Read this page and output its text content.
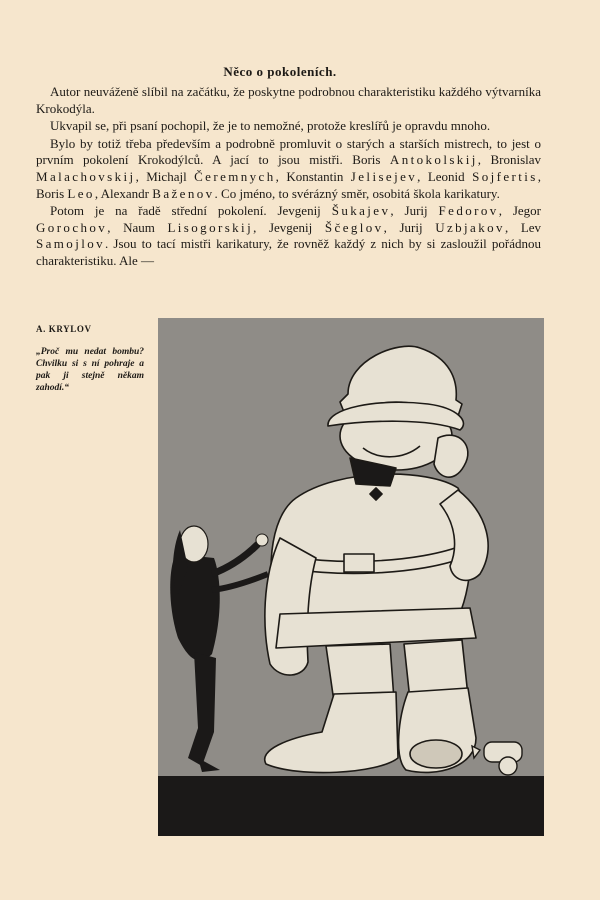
Něco o pokoleních.

Autor neuváženě slíbil na začátku, že poskytne podrobnou charakteristiku každého výtvarníka Krokodýla.

Ukvapil se, při psaní pochopil, že je to nemožné, protože kreslířů je opravdu mnoho.

Bylo by totiž třeba především a podrobně promluvit o starých a starších mistrech, to jest o prvním pokolení Krokodýlců. A jací to jsou mistři. Boris Antokolskij, Bronislav Malachovskij, Michajl Čeremnych, Konstantin Jelisejev, Leonid Sojfertis, Boris Leo, Alexandr Baženov. Co jméno, to svérázný směr, osobitá škola karikatury.

Potom je na řadě střední pokolení. Jevgenij Šukajev, Jurij Fedorov, Jegor Gorochov, Naum Lisogorskij, Jevgenij Ščeglov, Jurij Uzbjakov, Lev Samojlov. Jsou to tací mistři karikatury, že rovněž každý z nich by si zasloužil pořádnou charakteristiku. Ale —

A. KRYLOV
„Proč mu nedat bombu? Chvilku si s ní pohraje a pak ji stejně někam zahodí.“
